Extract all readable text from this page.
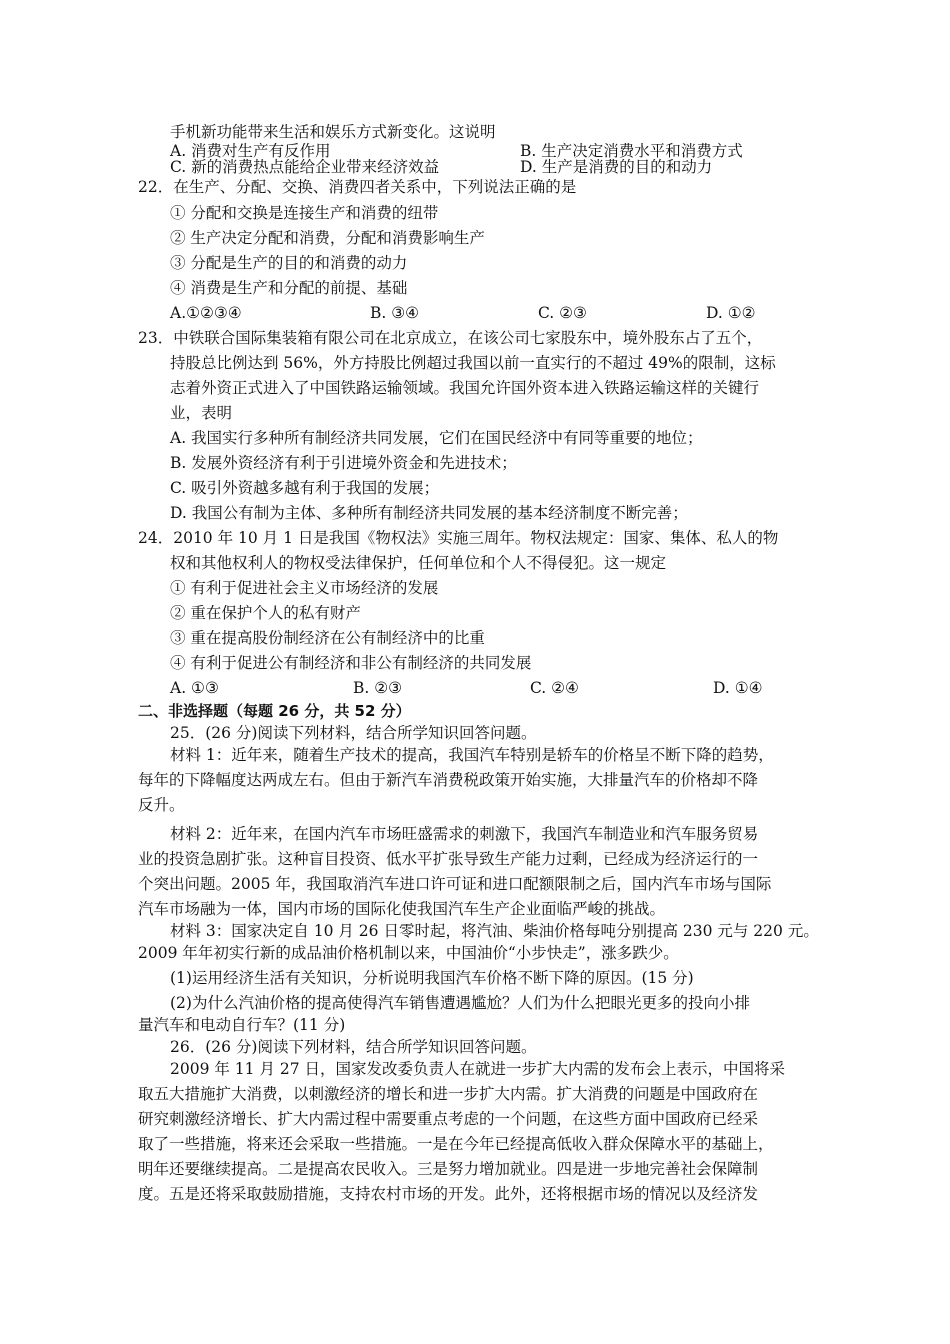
手机新功能带来生活和娱乐方式新变化。这说明
A. 消费对生产有反作用	B. 生产决定消费水平和消费方式
C. 新的消费热点能给企业带来经济效益	D. 生产是消费的目的和动力
22．在生产、分配、交换、消费四者关系中，下列说法正确的是
① 分配和交换是连接生产和消费的纽带
② 生产决定分配和消费，分配和消费影响生产
③ 分配是生产的目的和消费的动力
④ 消费是生产和分配的前提、基础
A.①②③④	B. ③④	C. ②③	D. ①②
23．中铁联合国际集装箱有限公司在北京成立，在该公司七家股东中，境外股东占了五个，
持股总比例达到 56%，外方持股比例超过我国以前一直实行的不超过 49%的限制，这标
志着外资正式进入了中国铁路运输领域。我国允许国外资本进入铁路运输这样的关键行
业，表明
A. 我国实行多种所有制经济共同发展，它们在国民经济中有同等重要的地位；
B. 发展外资经济有利于引进境外资金和先进技术；
C. 吸引外资越多越有利于我国的发展；
D. 我国公有制为主体、多种所有制经济共同发展的基本经济制度不断完善；
24．2010 年 10 月 1 日是我国《物权法》实施三周年。物权法规定：国家、集体、私人的物
权和其他权利人的物权受法律保护，任何单位和个人不得侵犯。这一规定
① 有利于促进社会主义市场经济的发展
② 重在保护个人的私有财产
③ 重在提高股份制经济在公有制经济中的比重
④ 有利于促进公有制经济和非公有制经济的共同发展
A. ①③	B. ②③	C. ②④	D. ①④
二、非选择题（每题 26 分，共 52 分）
25．(26 分)阅读下列材料，结合所学知识回答问题。
材料 1：近年来，随着生产技术的提高，我国汽车特别是轿车的价格呈不断下降的趋势，
每年的下降幅度达两成左右。但由于新汽车消费税政策开始实施，大排量汽车的价格却不降
反升。
材料 2：近年来，在国内汽车市场旺盛需求的刺激下，我国汽车制造业和汽车服务贸易
业的投资急剧扩张。这种盲目投资、低水平扩张导致生产能力过剩，已经成为经济运行的一
个突出问题。2005 年，我国取消汽车进口许可证和进口配额限制之后，国内汽车市场与国际
汽车市场融为一体，国内市场的国际化使我国汽车生产企业面临严峻的挑战。
材料 3：国家决定自 10 月 26 日零时起，将汽油、柴油价格每吨分别提高 230 元与 220 元。
2009 年年初实行新的成品油价格机制以来，中国油价“小步快走”，涨多跌少。
(1)运用经济生活有关知识，分析说明我国汽车价格不断下降的原因。(15 分)
(2)为什么汽油价格的提高使得汽车销售遭遇尴尬？人们为什么把眼光更多的投向小排
量汽车和电动自行车？(11 分)
26．(26 分)阅读下列材料，结合所学知识回答问题。
2009 年 11 月 27 日，国家发改委负责人在就进一步扩大内需的发布会上表示，中国将采
取五大措施扩大消费，以刺激经济的增长和进一步扩大内需。扩大消费的问题是中国政府在
研究刺激经济增长、扩大内需过程中需要重点考虑的一个问题，在这些方面中国政府已经采
取了一些措施，将来还会采取一些措施。一是在今年已经提高低收入群众保障水平的基础上，
明年还要继续提高。二是提高农民收入。三是努力增加就业。四是进一步地完善社会保障制
度。五是还将采取鼓励措施，支持农村市场的开发。此外，还将根据市场的情况以及经济发
